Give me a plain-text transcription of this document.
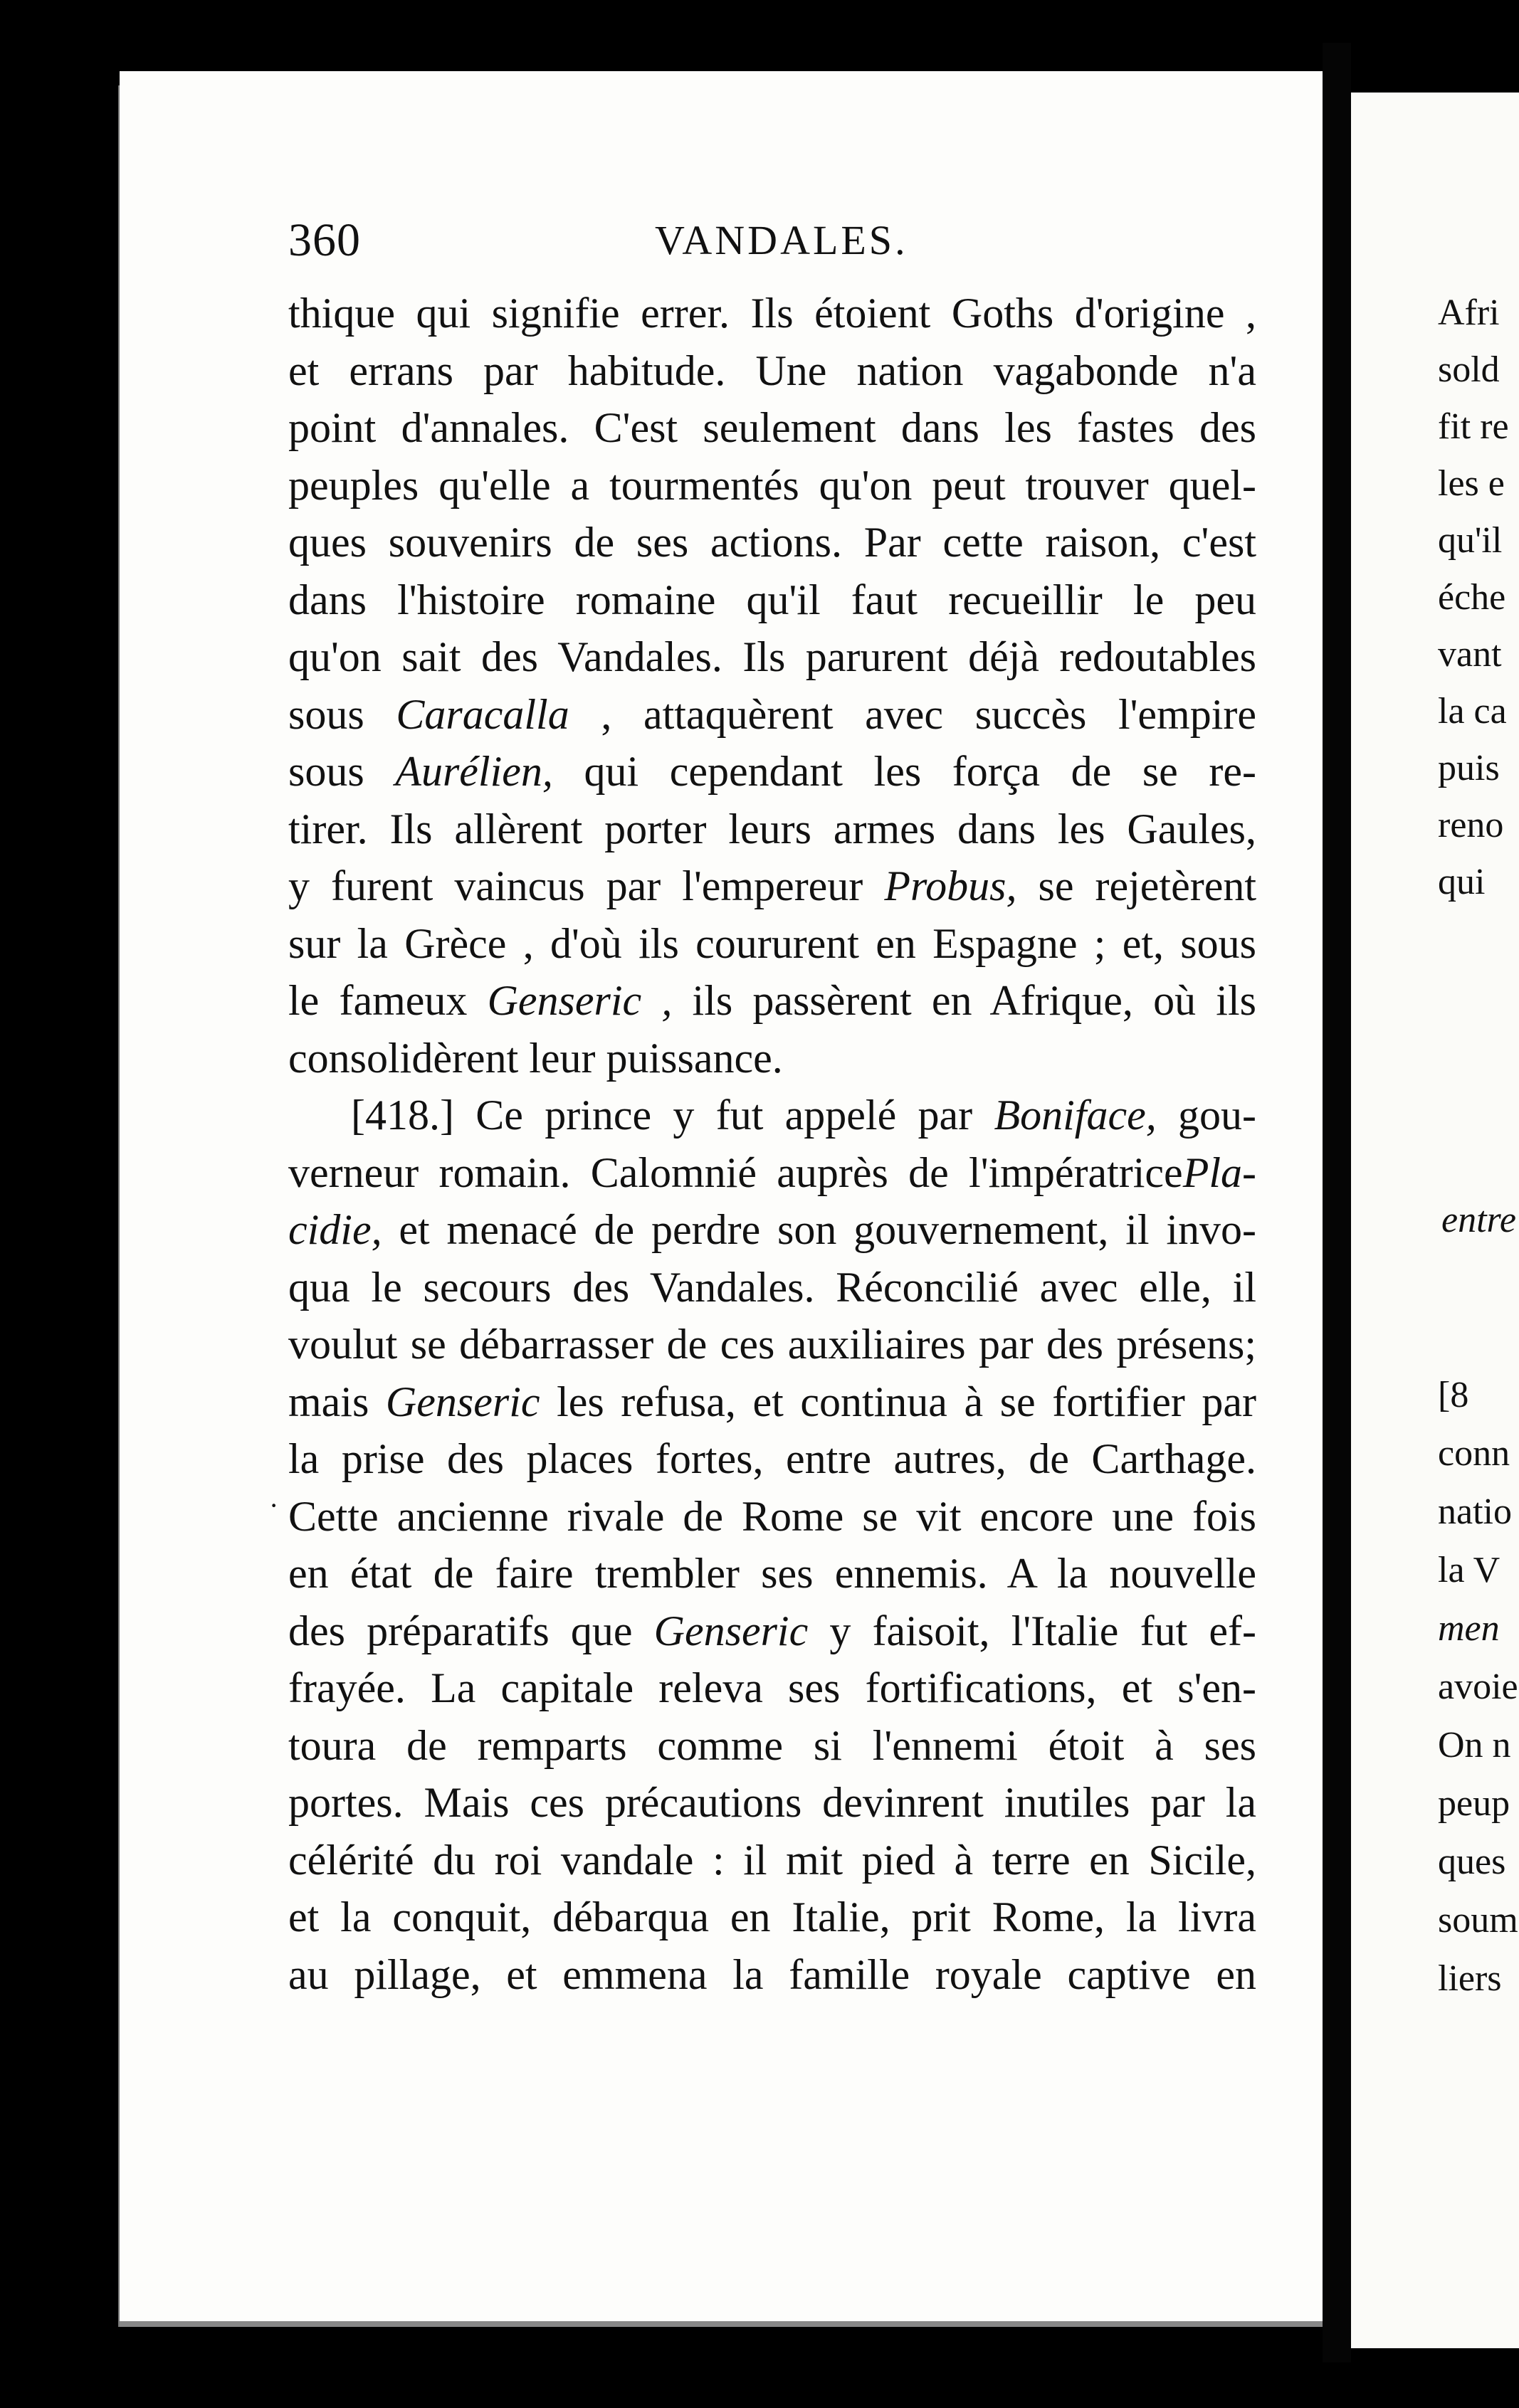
360	VANDALES.
thique qui signifie errer. Ils étoient Goths d'origine ,
et errans par habitude. Une nation vagabonde n'a
point d'annales. C'est seulement dans les fastes des
peuples qu'elle a tourmentés qu'on peut trouver quel-
ques souvenirs de ses actions. Par cette raison, c'est
dans l'histoire romaine qu'il faut recueillir le peu
qu'on sait des Vandales. Ils parurent déjà redoutables
sous Caracalla , attaquèrent avec succès l'empire
sous Aurélien, qui cependant les força de se re-
tirer. Ils allèrent porter leurs armes dans les Gaules,
y furent vaincus par l'empereur Probus, se rejetèrent
sur la Grèce , d'où ils coururent en Espagne ; et, sous
le fameux Genseric , ils passèrent en Afrique, où ils
consolidèrent leur puissance.
[418.] Ce prince y fut appelé par Boniface, gou-
verneur romain. Calomnié auprès de l'impératricePla-
cidie, et menacé de perdre son gouvernement, il invo-
qua le secours des Vandales. Réconcilié avec elle, il
voulut se débarrasser de ces auxiliaires par des présens;
mais Genseric les refusa, et continua à se fortifier par
la prise des places fortes, entre autres, de Carthage.
Cette ancienne rivale de Rome se vit encore une fois
en état de faire trembler ses ennemis. A la nouvelle
des préparatifs que Genseric y faisoit, l'Italie fut ef-
frayée. La capitale releva ses fortifications, et s'en-
toura de remparts comme si l'ennemi étoit à ses
portes. Mais ces précautions devinrent inutiles par la
célérité du roi vandale : il mit pied à terre en Sicile,
et la conquit, débarqua en Italie, prit Rome, la livra
au pillage, et emmena la famille royale captive en
·
Afri
sold
fit re
les e
qu'il
éche
vant
la ca
puis
reno
qui
entre
[8
conn
natio
la V
men
avoie
On n
peup
ques
soum
liers
